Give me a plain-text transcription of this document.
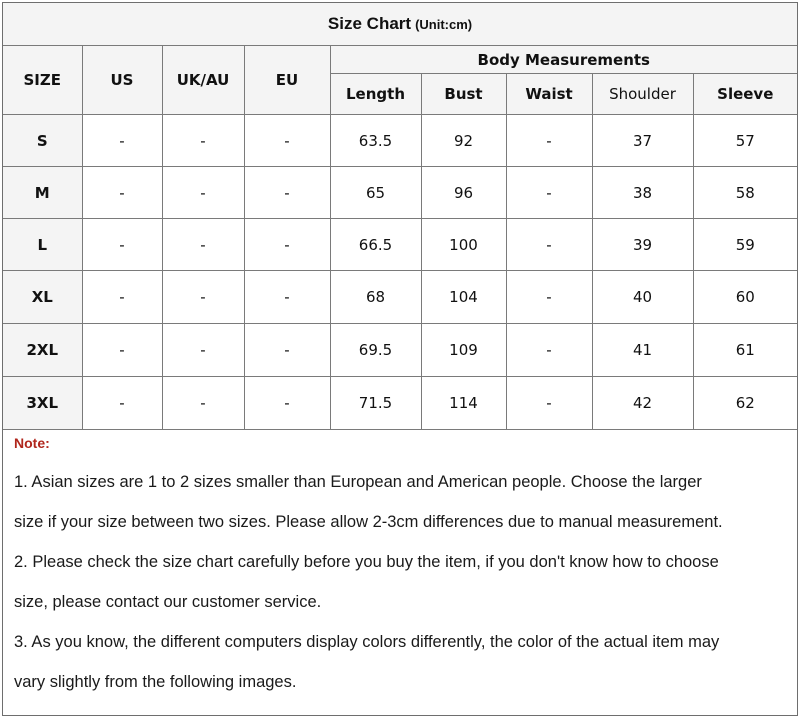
Size Chart (Unit:cm)								
SIZE	US	UK/AU	EU	Body Measurements				
				Length	Bust	Waist	Shoulder	Sleeve
S	-	-	-	63.5	92	-	37	57
M	-	-	-	65	96	-	38	58
L	-	-	-	66.5	100	-	39	59
XL	-	-	-	68	104	-	40	60
2XL	-	-	-	69.5	109	-	41	61
3XL	-	-	-	71.5	114	-	42	62

Note:

1. Asian sizes are 1 to 2 sizes smaller than European and American people. Choose the larger

size if your size between two sizes. Please allow 2-3cm differences due to manual measurement.

2. Please check the size chart carefully before you buy the item, if you don't know how to choose

size, please contact our customer service.

3. As you know, the different computers display colors differently, the color of the actual item may

vary slightly from the following images.
